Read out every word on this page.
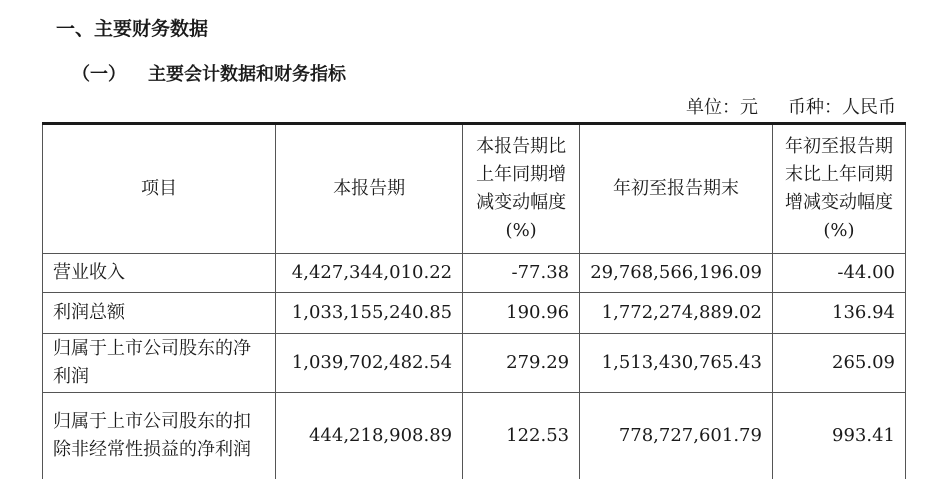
一、主要财务数据
（一） 主要会计数据和财务指标
单位：元 币种：人民币
项目	本报告期	本报告期比上年同期增减变动幅度(%)	年初至报告期末	年初至报告期末比上年同期增减变动幅度(%)
营业收入	4,427,344,010.22	-77.38	29,768,566,196.09	-44.00
利润总额	1,033,155,240.85	190.96	1,772,274,889.02	136.94
归属于上市公司股东的净利润	1,039,702,482.54	279.29	1,513,430,765.43	265.09
归属于上市公司股东的扣除非经常性损益的净利润	444,218,908.89	122.53	778,727,601.79	993.41
